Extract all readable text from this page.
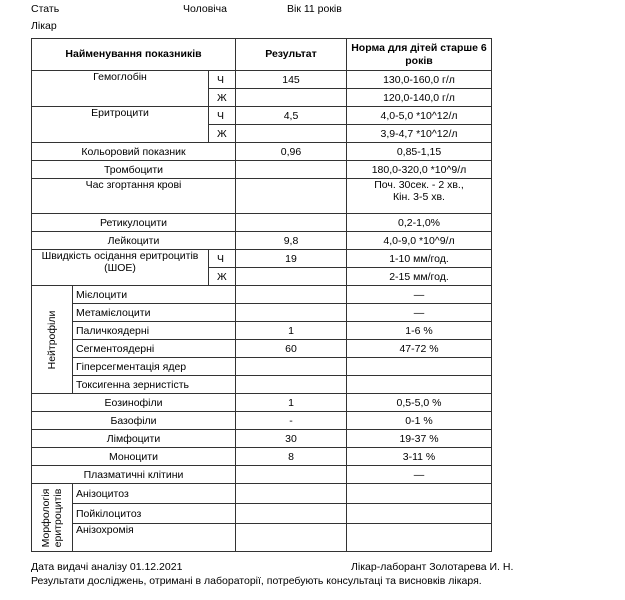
Стать	Чоловіча	Вік 11 років
Лікар
Найменування показників			Результат	Норма для дітей старше 6 років
Гемоглобін		Ч	145	130,0-160,0 г/л
		Ж		120,0-140,0 г/л
Еритроцити		Ч	4,5	4,0-5,0 *10^12/л
		Ж		3,9-4,7 *10^12/л
Кольоровий показник			0,96	0,85-1,15
Тромбоцити				180,0-320,0 *10^9/л
Час згортання крові				Поч. 30сек. - 2 хв.,
Кін. 3-5 хв.

Ретикулоцити				0,2-1,0%
Лейкоцити			9,8	4,0-9,0 *10^9/л

Швидкість осідання еритроцитів
(ШОЕ)		Ч	19	1-10 мм/год.
		Ж		2-15 мм/год.

Нейтрофіли	Мієлоцити			—
	Метамієлоцити			—
	Паличкоядерні		1	1-6 %
	Сегментоядерні		60	47-72 %
	Гіперсегментація ядер			
	Токсигенна зернистість			
Еозинофіли			1	0,5-5,0 %
Базофіли			-	0-1 %
Лімфоцити			30	19-37 %
Моноцити			8	3-11 %
Плазматичні клітини				—

Морфологія еритроцитів	Анізоцитоз			
	Пойкілоцитоз			
	Анізохромія			
Дата видачі аналізу 01.12.2021	Лікар-лаборант Золотарева И. Н.
Результати досліджень, отримані в лабораторії, потребують консультаці та висновків лікаря.
